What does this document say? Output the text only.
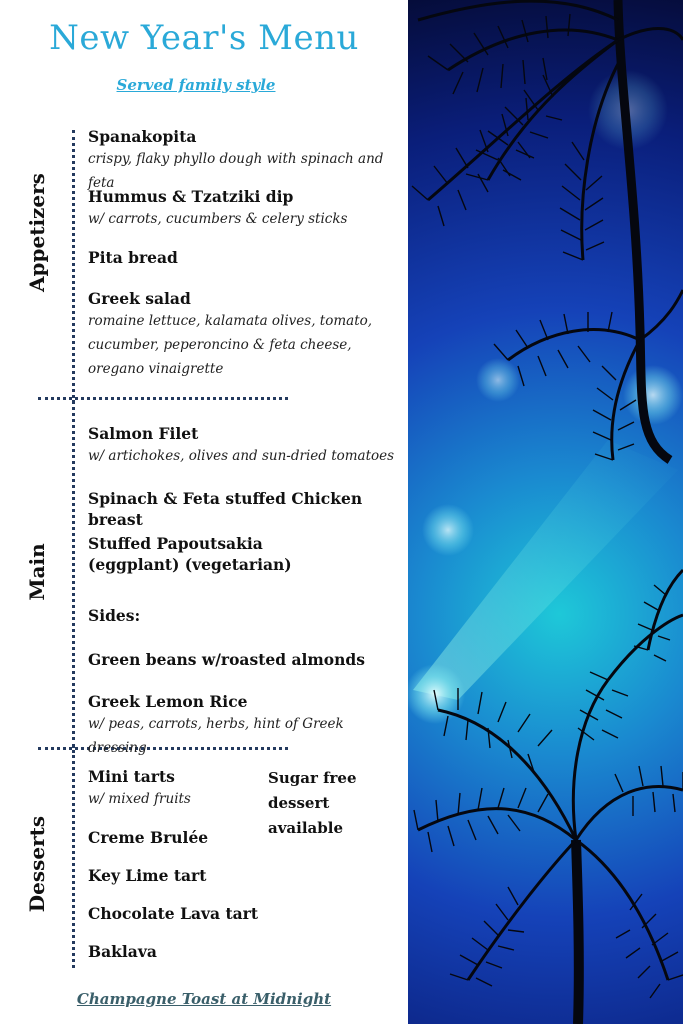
New Year's Menu
Served family style
Appetizers
Main
Desserts
Spanakopita
crispy, flaky phyllo dough with spinach and feta
Hummus & Tzatziki dip
w/ carrots, cucumbers & celery sticks
Pita bread
Greek salad
romaine lettuce, kalamata olives, tomato, cucumber, peperoncino & feta cheese, oregano vinaigrette
Salmon Filet
w/ artichokes, olives and sun-dried tomatoes
Spinach & Feta stuffed Chicken breast
Stuffed Papoutsakia (eggplant) (vegetarian)
Sides:
Green beans w/roasted almonds
Greek Lemon Rice
w/ peas, carrots, herbs, hint of Greek dressing
Mini tarts
w/ mixed fruits
Creme Brulée
Key Lime tart
Chocolate Lava tart
Baklava
Sugar free dessert available
Champagne Toast at Midnight
